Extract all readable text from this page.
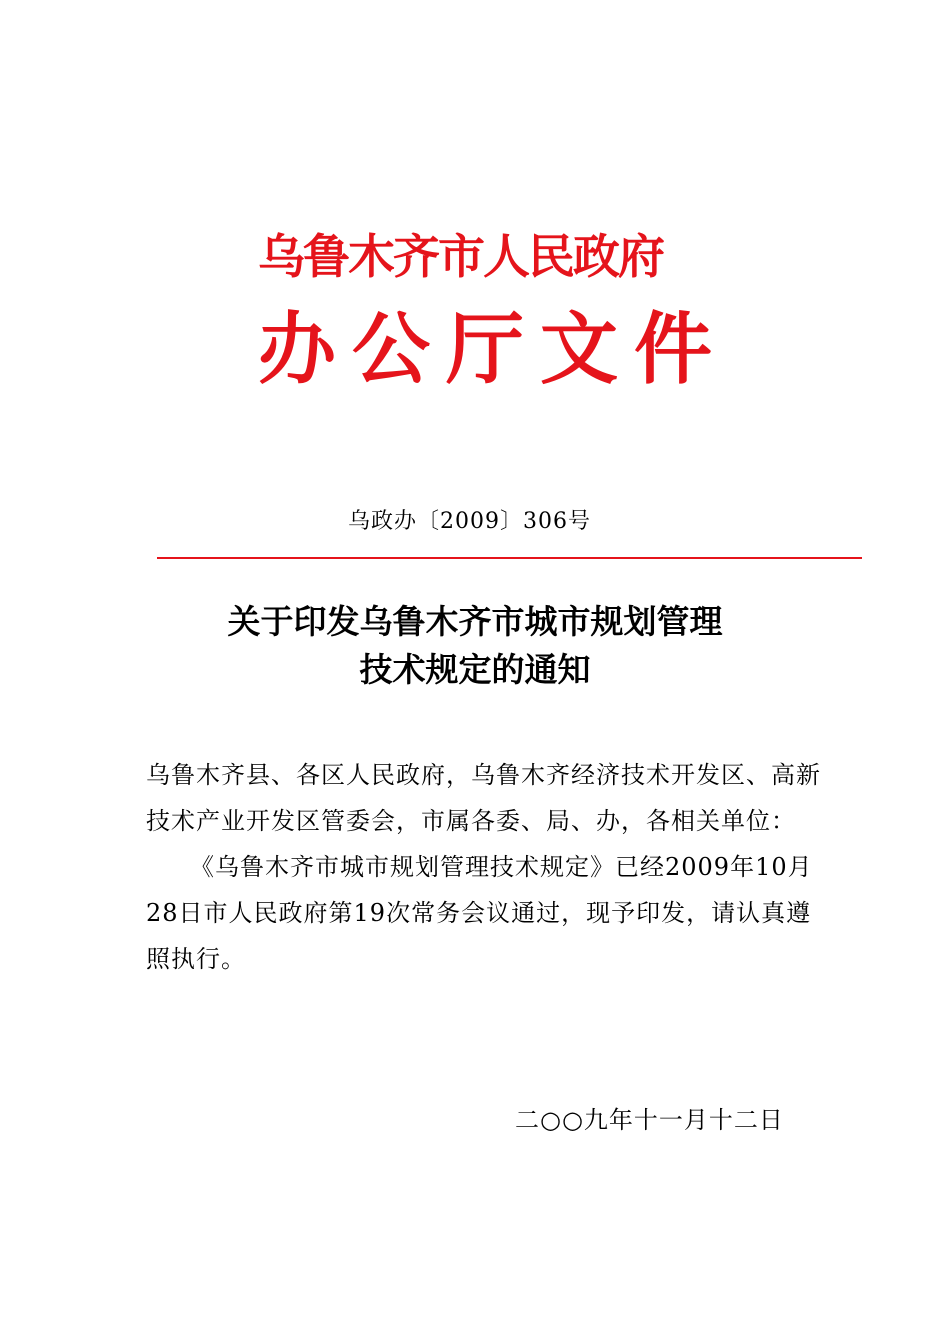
乌鲁木齐市人民政府
办公厅文件
乌政办〔2009〕306号
关于印发乌鲁木齐市城市规划管理
技术规定的通知
乌鲁木齐县、各区人民政府，乌鲁木齐经济技术开发区、高新
技术产业开发区管委会，市属各委、局、办，各相关单位：
《乌鲁木齐市城市规划管理技术规定》已经2009年10月
28日市人民政府第19次常务会议通过，现予印发，请认真遵
照执行。
二○○九年十一月十二日
